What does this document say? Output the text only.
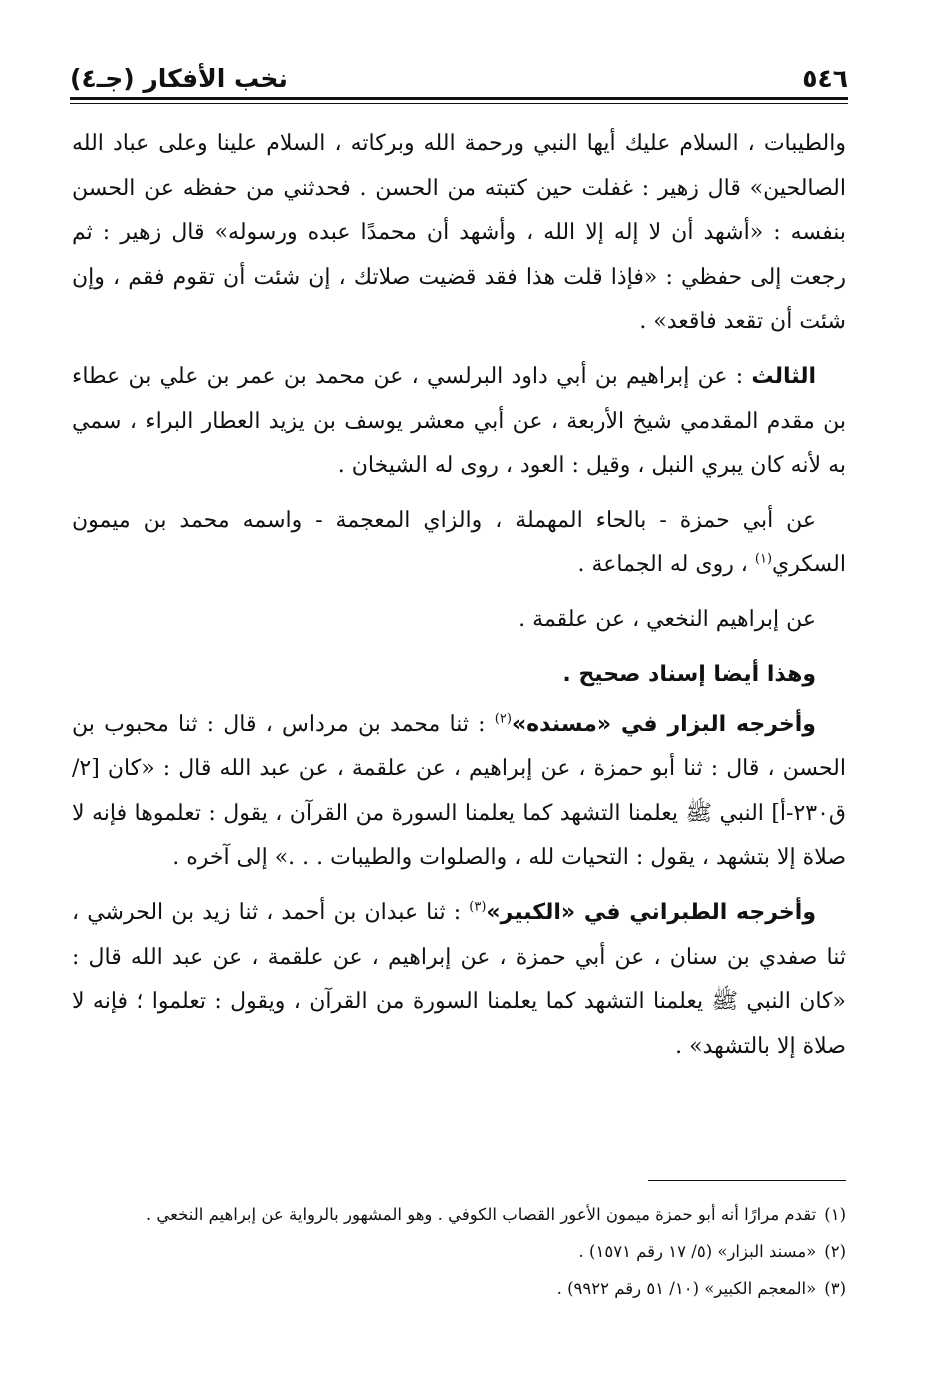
٥٤٦
نخب الأفكار (جـ٤)

والطيبات ، السلام عليك أيها النبي ورحمة الله وبركاته ، السلام علينا وعلى عباد الله الصالحين» قال زهير : غفلت حين كتبته من الحسن . فحدثني من حفظه عن الحسن بنفسه : «أشهد أن لا إله إلا الله ، وأشهد أن محمدًا عبده ورسوله» قال زهير : ثم رجعت إلى حفظي : «فإذا قلت هذا فقد قضيت صلاتك ، إن شئت أن تقوم فقم ، وإن شئت أن تقعد فاقعد» .

الثالث : عن إبراهيم بن أبي داود البرلسي ، عن محمد بن عمر بن علي بن عطاء بن مقدم المقدمي شيخ الأربعة ، عن أبي معشر يوسف بن يزيد العطار البراء ، سمي به لأنه كان يبري النبل ، وقيل : العود ، روى له الشيخان .

عن أبي حمزة - بالحاء المهملة ، والزاي المعجمة - واسمه محمد بن ميمون السكري$^{(١)}$ ، روى له الجماعة .

عن إبراهيم النخعي ، عن علقمة .

وهذا أيضا إسناد صحيح .

وأخرجه البزار في «مسنده»$^{(٢)}$ : ثنا محمد بن مرداس ، قال : ثنا محبوب بن الحسن ، قال : ثنا أبو حمزة ، عن إبراهيم ، عن علقمة ، عن عبد الله قال : «كان [٢/ ق٢٣٠-أ] النبي ﷺ يعلمنا التشهد كما يعلمنا السورة من القرآن ، يقول : تعلموها فإنه لا صلاة إلا بتشهد ، يقول : التحيات لله ، والصلوات والطيبات . . .» إلى آخره .

وأخرجه الطبراني في «الكبير»$^{(٣)}$ : ثنا عبدان بن أحمد ، ثنا زيد بن الحرشي ، ثنا صفدي بن سنان ، عن أبي حمزة ، عن إبراهيم ، عن علقمة ، عن عبد الله قال : «كان النبي ﷺ يعلمنا التشهد كما يعلمنا السورة من القرآن ، ويقول : تعلموا ؛ فإنه لا صلاة إلا بالتشهد» .

(١)تقدم مرارًا أنه أبو حمزة ميمون الأعور القصاب الكوفي . وهو المشهور بالرواية عن إبراهيم النخعي .

(٢)«مسند البزار» (٥/ ١٧ رقم ١٥٧١) .

(٣)«المعجم الكبير» (١٠/ ٥١ رقم ٩٩٢٢) .
